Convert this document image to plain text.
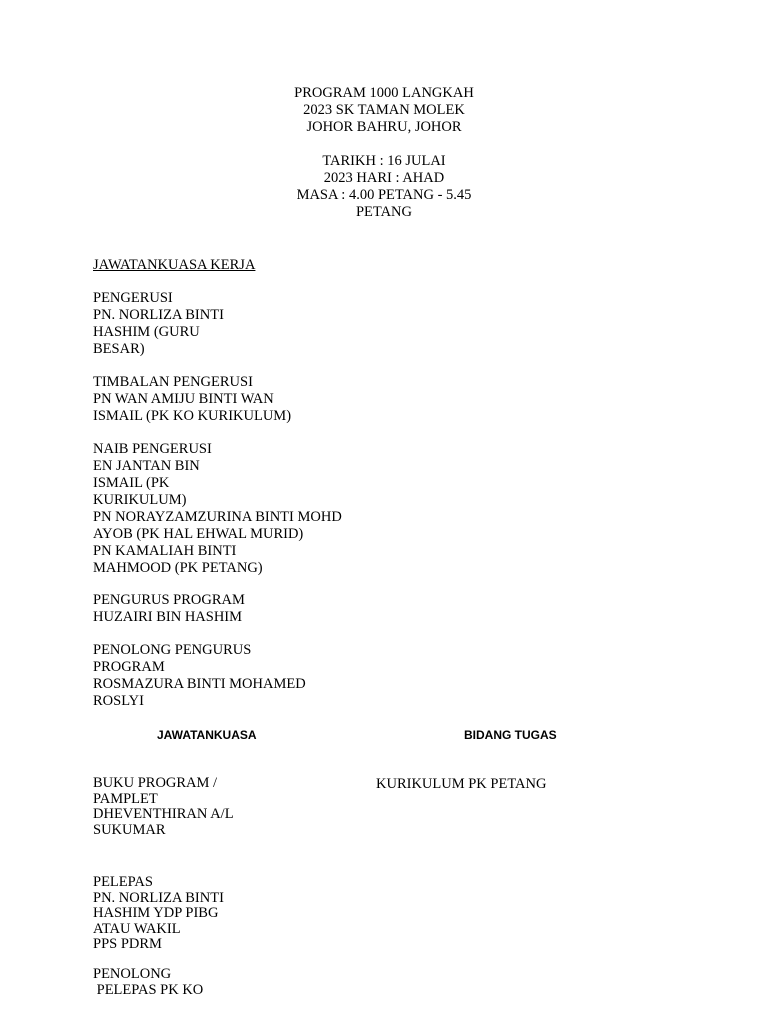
PROGRAM 1000 LANGKAH
2023 SK TAMAN MOLEK
JOHOR BAHRU, JOHOR
TARIKH : 16 JULAI
2023 HARI : AHAD
MASA : 4.00 PETANG - 5.45
PETANG
JAWATANKUASA KERJA
PENGERUSI
PN. NORLIZA BINTI
HASHIM (GURU
BESAR)
TIMBALAN PENGERUSI
PN WAN AMIJU BINTI WAN
ISMAIL (PK KO KURIKULUM)
NAIB PENGERUSI
EN JANTAN BIN
ISMAIL (PK
KURIKULUM)
PN NORAYZAMZURINA BINTI MOHD
AYOB (PK HAL EHWAL MURID)
PN KAMALIAH BINTI
MAHMOOD (PK PETANG)
PENGURUS PROGRAM
HUZAIRI BIN HASHIM
PENOLONG PENGURUS
PROGRAM
ROSMAZURA BINTI MOHAMED
ROSLYI
JAWATANKUASA	BIDANG TUGAS
BUKU PROGRAM /
PAMPLET
DHEVENTHIRAN A/L
SUKUMAR
KURIKULUM PK PETANG
PELEPAS
PN. NORLIZA BINTI
HASHIM YDP PIBG
ATAU WAKIL
PPS PDRM
PENOLONG
PELEPAS PK KO
